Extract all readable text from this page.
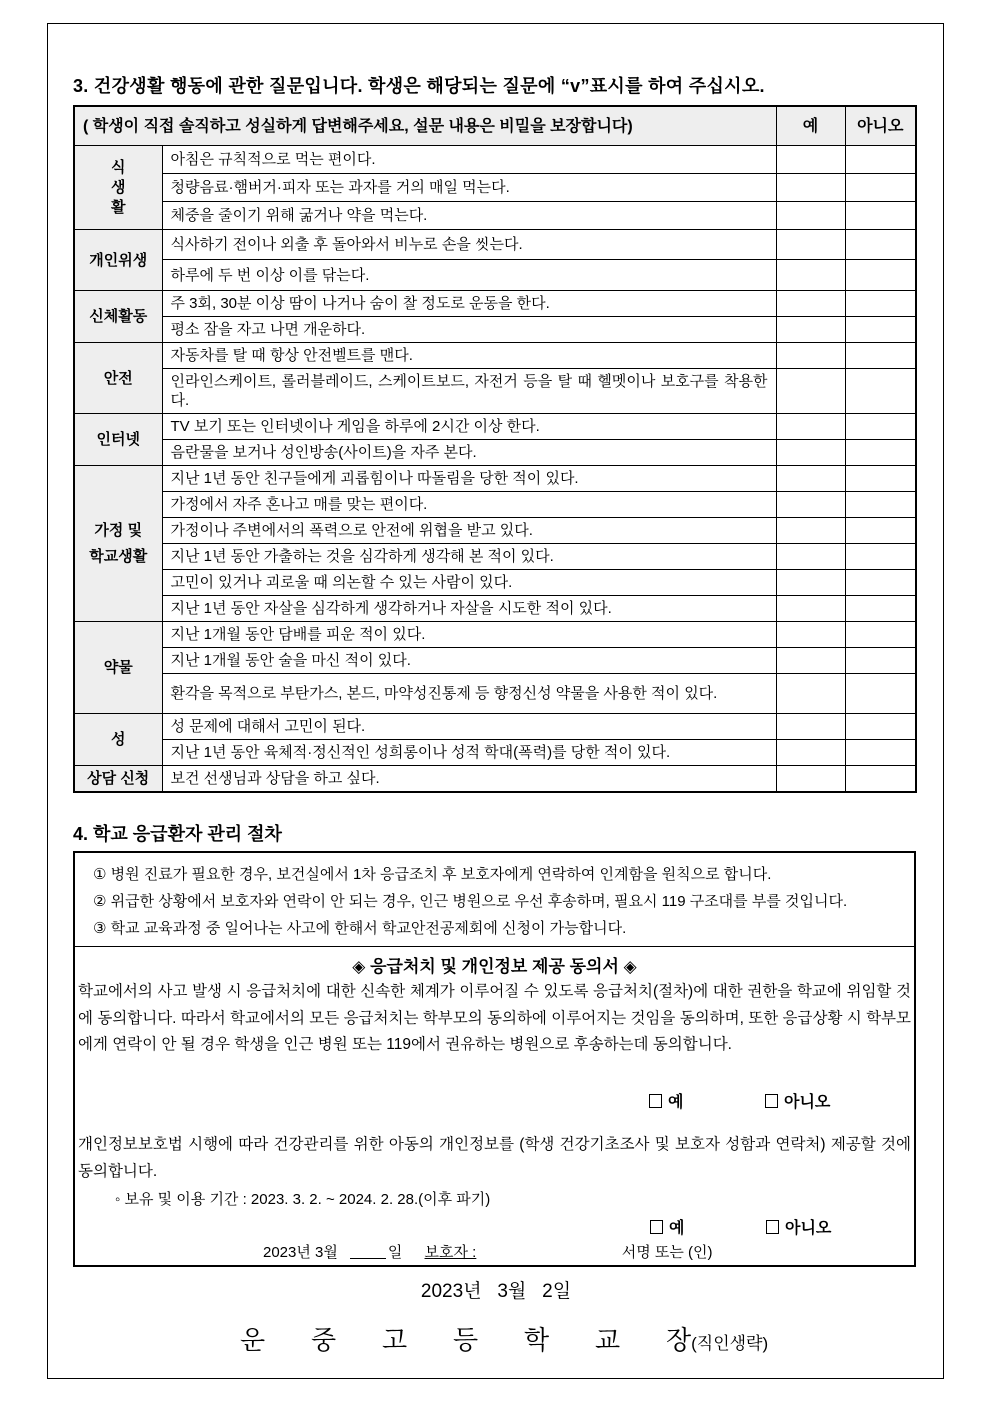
3. 건강생활 행동에 관한 질문입니다. 학생은 해당되는 질문에 “v”표시를 하여 주십시오.
( 학생이 직접 솔직하고 성실하게 답변해주세요, 설문 내용은 비밀을 보장합니다)		예	아니오
식
생
활	아침은 규칙적으로 먹는 편이다.		
	청량음료·햄버거·피자 또는 과자를 거의 매일 먹는다.		
	체중을 줄이기 위해 굶거나 약을 먹는다.		
개인위생	식사하기 전이나 외출 후 돌아와서 비누로 손을 씻는다.		
	하루에 두 번 이상 이를 닦는다.		
신체활동	주 3회, 30분 이상 땀이 나거나 숨이 찰 정도로 운동을 한다.		
	평소 잠을 자고 나면 개운하다.		
안전	자동차를 탈 때 항상 안전벨트를 맨다.		
	인라인스케이트, 롤러블레이드, 스케이트보드, 자전거 등을 탈 때 헬멧이나 보호구를 착용한다.		
인터넷	TV 보기 또는 인터넷이나 게임을 하루에 2시간 이상 한다.		
	음란물을 보거나 성인방송(사이트)을 자주 본다.		
가정 및
학교생활	지난 1년 동안 친구들에게 괴롭힘이나 따돌림을 당한 적이 있다.		
	가정에서 자주 혼나고 매를 맞는 편이다.		
	가정이나 주변에서의 폭력으로 안전에 위협을 받고 있다.		
	지난 1년 동안 가출하는 것을 심각하게 생각해 본 적이 있다.		
	고민이 있거나 괴로울 때 의논할 수 있는 사람이 있다.		
	지난 1년 동안 자살을 심각하게 생각하거나 자살을 시도한 적이 있다.		
약물	지난 1개월 동안 담배를 피운 적이 있다.		
	지난 1개월 동안 술을 마신 적이 있다.		
	환각을 목적으로 부탄가스, 본드, 마약성진통제 등 향정신성 약물을 사용한 적이 있다.		
성	성 문제에 대해서 고민이 된다.		
	지난 1년 동안 육체적·정신적인 성희롱이나 성적 학대(폭력)를 당한 적이 있다.		
상담 신청	보건 선생님과 상담을 하고 싶다.		
4. 학교 응급환자 관리 절차
① 병원 진료가 필요한 경우, 보건실에서 1차 응급조치 후 보호자에게 연락하여 인계함을 원칙으로 합니다.
② 위급한 상황에서 보호자와 연락이 안 되는 경우, 인근 병원으로 우선 후송하며, 필요시 119 구조대를 부를 것입니다.
③ 학교 교육과정 중 일어나는 사고에 한해서 학교안전공제회에 신청이 가능합니다.
◈ 응급처치 및 개인정보 제공 동의서 ◈
학교에서의 사고 발생 시 응급처치에 대한 신속한 체계가 이루어질 수 있도록 응급처치(절차)에 대한 권한을 학교에 위임할 것에 동의합니다. 따라서 학교에서의 모든 응급처치는 학부모의 동의하에 이루어지는 것임을 동의하며, 또한 응급상황 시 학부모에게 연락이 안 될 경우 학생을 인근 병원 또는 119에서 권유하는 병원으로 후송하는데 동의합니다.
예	아니오
개인정보보호법 시행에 따라 건강관리를 위한 아동의 개인정보를 (학생 건강기초조사 및 보호자 성함과 연락처) 제공할 것에 동의합니다.
◦ 보유 및 이용 기간 : 2023. 3. 2. ~ 2024. 2. 28.(이후 파기)
예	아니오
2023년 3월	일 보호자 :	서명 또는 (인)
2023년   3월   2일
운 중 고 등 학 교 장(직인생략)
